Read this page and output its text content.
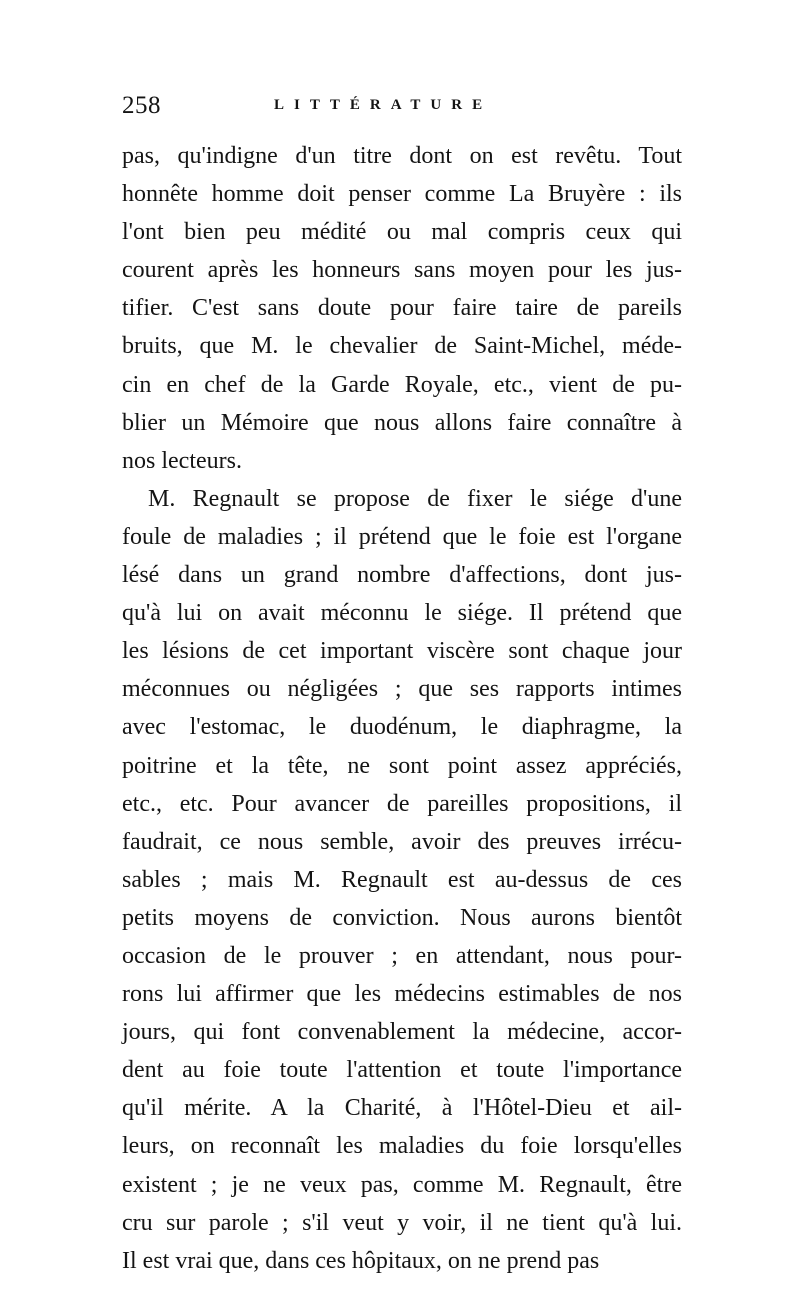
258	LITTÉRATURE
pas, qu'indigne d'un titre dont on est revêtu. Tout
honnête homme doit penser comme La Bruyère : ils
l'ont bien peu médité ou mal compris ceux qui
courent après les honneurs sans moyen pour les jus-
tifier. C'est sans doute pour faire taire de pareils
bruits, que M. le chevalier de Saint-Michel, méde-
cin en chef de la Garde Royale, etc., vient de pu-
blier un Mémoire que nous allons faire connaître à
nos lecteurs.
M. Regnault se propose de fixer le siége d'une
foule de maladies ; il prétend que le foie est l'organe
lésé dans un grand nombre d'affections, dont jus-
qu'à lui on avait méconnu le siége. Il prétend que
les lésions de cet important viscère sont chaque jour
méconnues ou négligées ; que ses rapports intimes
avec l'estomac, le duodénum, le diaphragme, la
poitrine et la tête, ne sont point assez appréciés,
etc., etc. Pour avancer de pareilles propositions, il
faudrait, ce nous semble, avoir des preuves irrécu-
sables ; mais M. Regnault est au-dessus de ces
petits moyens de conviction. Nous aurons bientôt
occasion de le prouver ; en attendant, nous pour-
rons lui affirmer que les médecins estimables de nos
jours, qui font convenablement la médecine, accor-
dent au foie toute l'attention et toute l'importance
qu'il mérite. A la Charité, à l'Hôtel-Dieu et ail-
leurs, on reconnaît les maladies du foie lorsqu'elles
existent ; je ne veux pas, comme M. Regnault, être
cru sur parole ; s'il veut y voir, il ne tient qu'à lui.
Il est vrai que, dans ces hôpitaux, on ne prend pas
